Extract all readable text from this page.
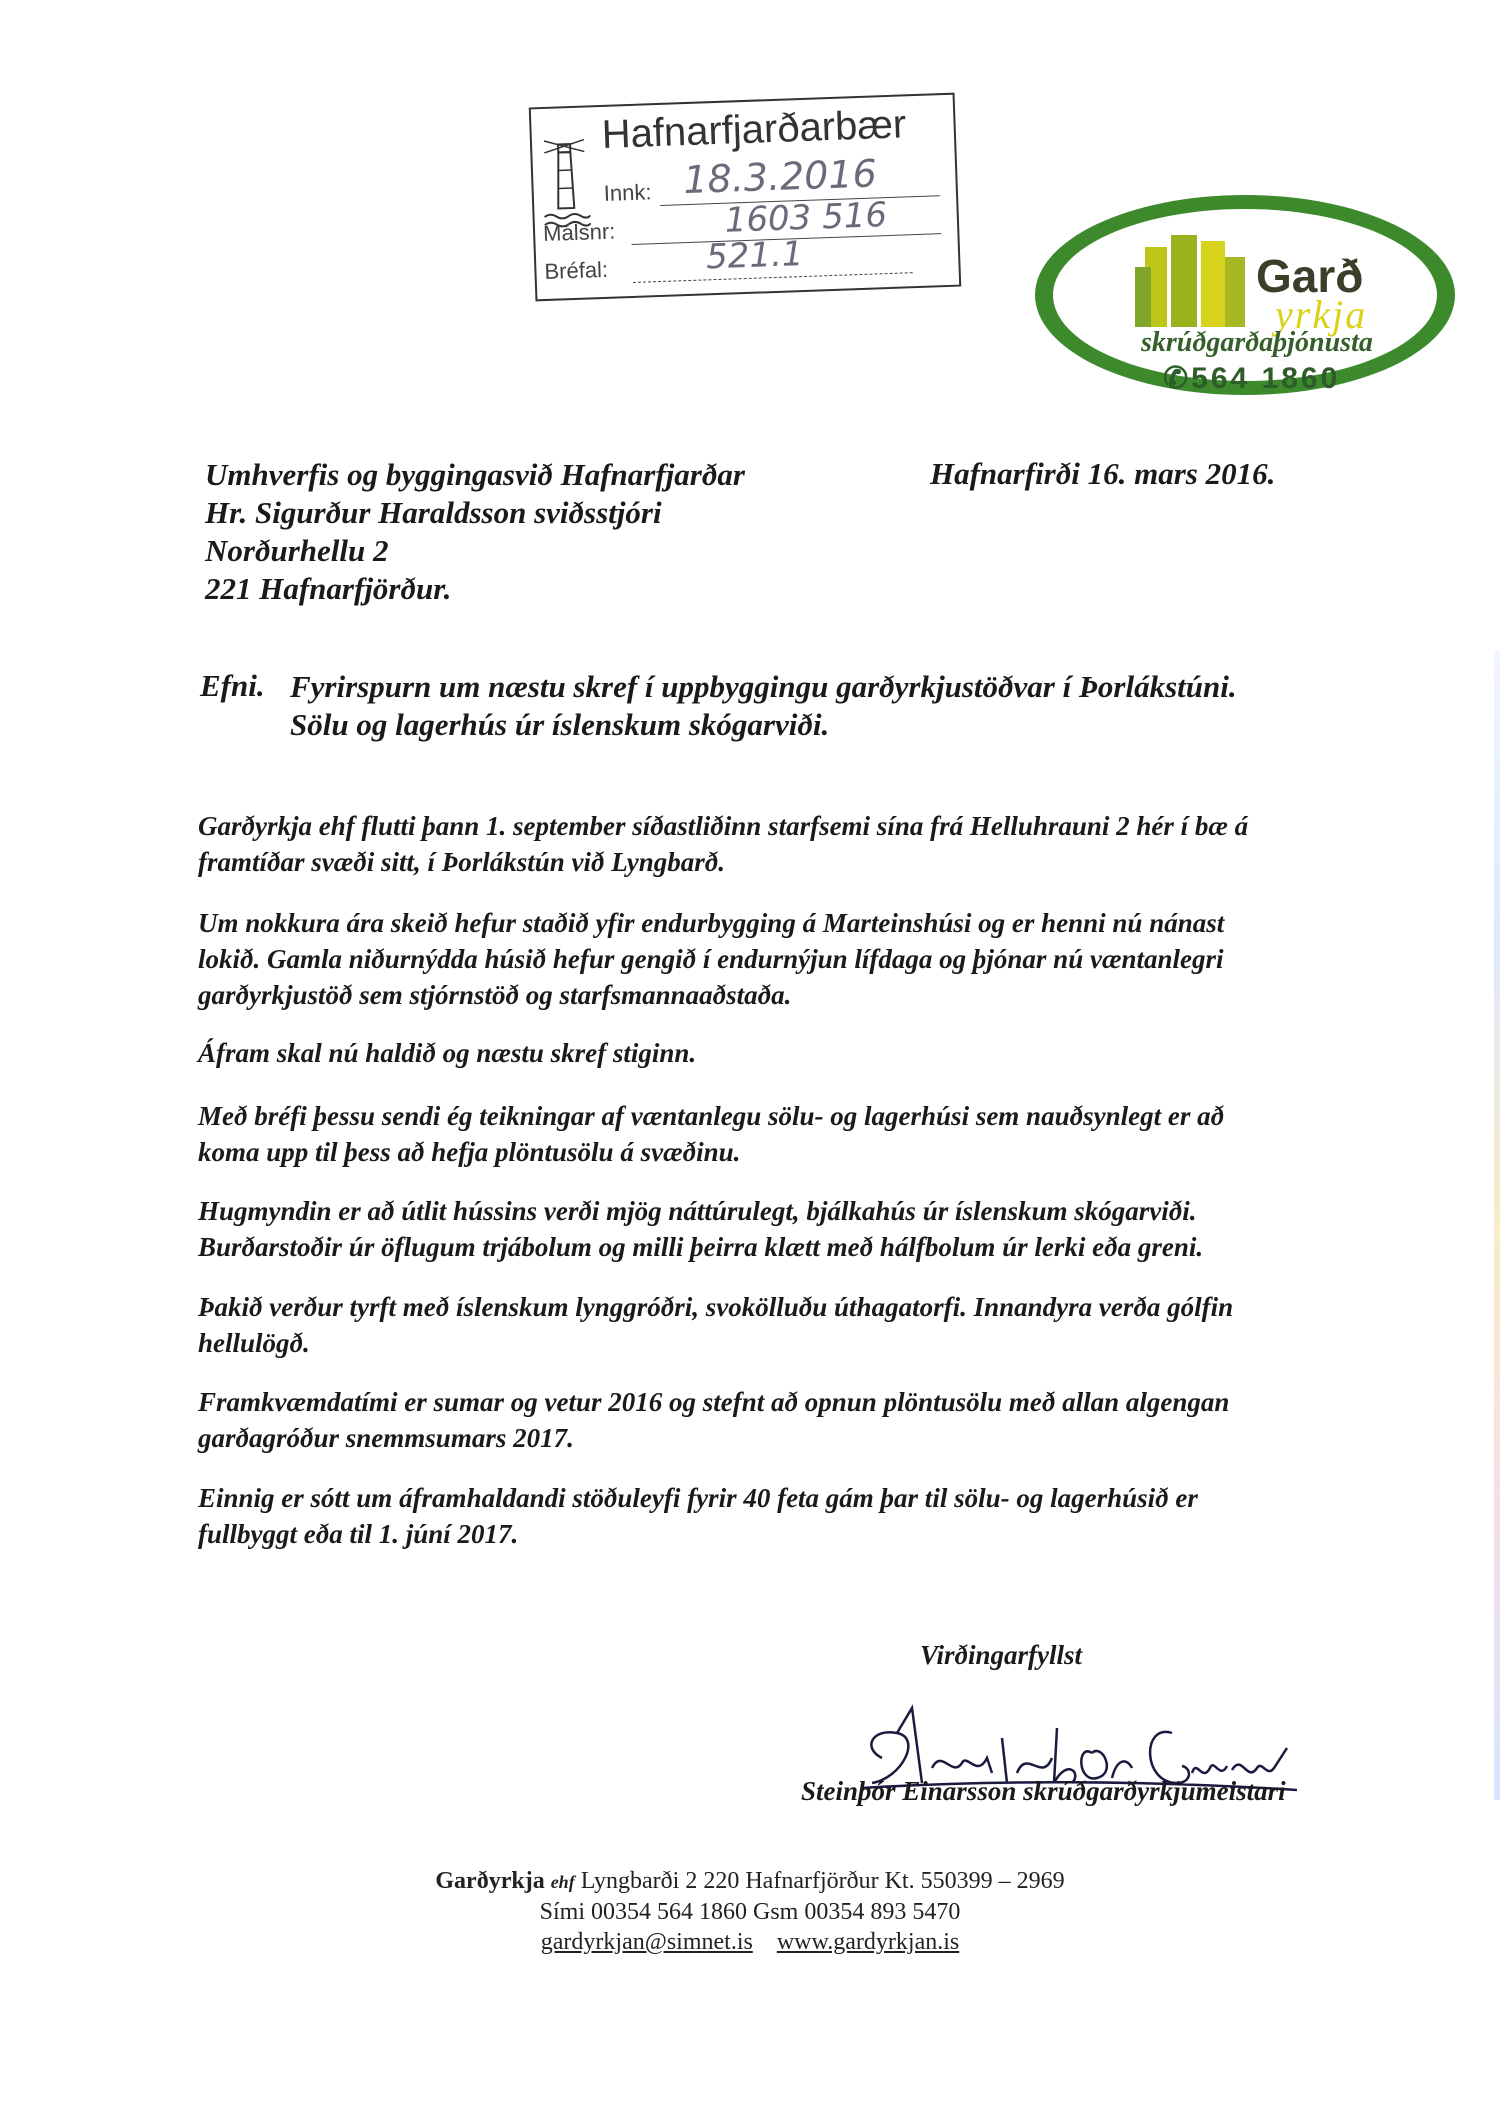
Hafnarfjarðarbær
Innk: 18.3.2016
Málsnr:	1603 516
Bréfal:	521.1	Garð
yrkja
skrúðgarðaþjónusta
✆564 1860
Umhverfis og byggingasvið Hafnarfjarðar
Hr. Sigurður Haraldsson sviðsstjóri
Norðurhellu 2
221 Hafnarfjörður.
Hafnarfirði 16. mars 2016.
Efni. Fyrirspurn um næstu skref í uppbyggingu garðyrkjustöðvar í Þorlákstúni.
Sölu og lagerhús úr íslenskum skógarviði.
Garðyrkja ehf flutti þann 1. september síðastliðinn starfsemi sína frá Helluhrauni 2 hér í bæ á
framtíðar svæði sitt, í Þorlákstún við Lyngbarð.
Um nokkura ára skeið hefur staðið yfir endurbygging á Marteinshúsi og er henni nú nánast
lokið. Gamla niðurnýdda húsið hefur gengið í endurnýjun lífdaga og þjónar nú væntanlegri
garðyrkjustöð sem stjórnstöð og starfsmannaaðstaða.
Áfram skal nú haldið og næstu skref stiginn.
Með bréfi þessu sendi ég teikningar af væntanlegu sölu- og lagerhúsi sem nauðsynlegt er að
koma upp til þess að hefja plöntusölu á svæðinu.
Hugmyndin er að útlit hússins verði mjög náttúrulegt, bjálkahús úr íslenskum skógarviði.
Burðarstoðir úr öflugum trjábolum og milli þeirra klætt með hálfbolum úr lerki eða greni.
Þakið verður tyrft með íslenskum lynggróðri, svokölluðu úthagatorfi. Innandyra verða gólfin
hellulögð.
Framkvæmdatími er sumar og vetur 2016 og stefnt að opnun plöntusölu með allan algengan
garðagróður snemmsumars 2017.
Einnig er sótt um áframhaldandi stöðuleyfi fyrir 40 feta gám þar til sölu- og lagerhúsið er
fullbyggt eða til 1. júní 2017.
Virðingarfyllst
Steinþór Einarsson skrúðgarðyrkjumeistari
Garðyrkja ehf Lyngbarði 2 220 Hafnarfjörður Kt. 550399 – 2969
Sími 00354 564 1860 Gsm 00354 893 5470
gardyrkjan@simnet.is www.gardyrkjan.is
